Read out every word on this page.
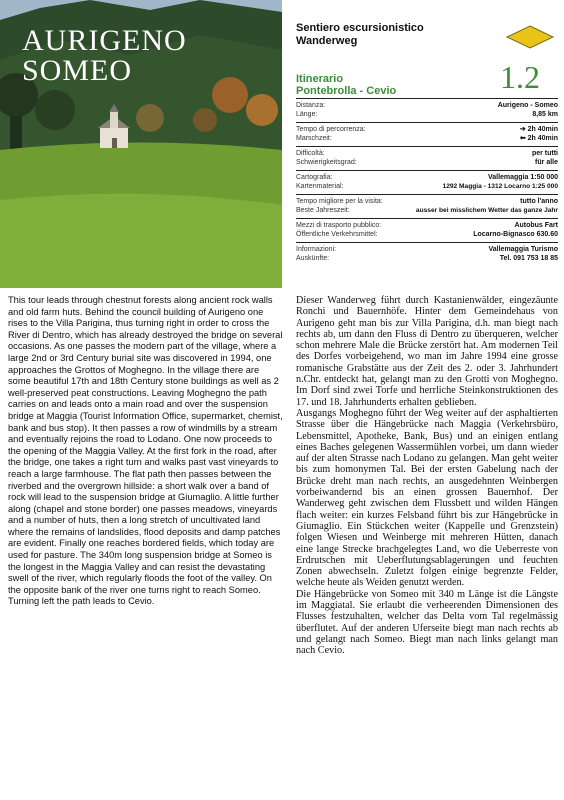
AURIGENO
SOMEO
Sentiero escursionistico
Wanderweg
Itinerario
Pontebrolla - Cevio	1.2
Distanza:	Aurigeno - Someo
Länge:	8,85 km
Tempo di percorrenza:	➔ 2h 40min
Marschzeit:	⬅ 2h 40min
Difficoltà:	per tutti
Schwierigkeitsgrad:	für alle
Cartografia:	Vallemaggia 1:50 000
Kartenmaterial:	1292 Maggia - 1312 Locarno 1:25 000
Tempo migliore per la visita:	tutto l'anno
Beste Jahreszeit:	ausser bei misslichem Wetter das ganze Jahr
Mezzi di trasporto pubblico:	Autobus Fart
Öffentliche Verkehrsmittel:	Locarno-Bignasco 630.60
Informazioni:	Vallemaggia Turismo
Auskünfte:	Tel. 091 753 18 85

This tour leads through chestnut forests along ancient rock walls and old farm huts. Behind the council building of Aurigeno one rises to the Villa Parigina, thus turning right in order to cross the River di Dentro, which has already destroyed the bridge on several occasions. As one passes the modern part of the village, where a large 2nd or 3rd Century burial site was discovered in 1994, one approaches the Grottos of Moghegno. In the village there are some beautiful 17th and 18th Century stone buildings as well as 2 well-preserved peat constructions. Leaving Moghegno the path carries on and leads onto a main road and over the suspension bridge at Maggia (Tourist Information Office, supermarket, chemist, bank and bus stop). It then passes a row of windmills by a stream and eventually rejoins the road to Lodano. One now proceeds to the opening of the Maggia Valley. At the first fork in the road, after the bridge, one takes a right turn and walks past vast vineyards to reach a large farmhouse. The flat path then passes between the riverbed and the overgrown hillside: a short walk over a band of rock will lead to the suspension bridge at Giumaglio. A little further along (chapel and stone border) one passes meadows, vineyards and a number of huts, then a long stretch of uncultivated land where the remains of landslides, flood deposits and damp patches are evident. Finally one reaches bordered fields, which today are used for pasture. The 340m long suspension bridge at Someo is the longest in the Maggia Valley and can resist the devastating swell of the river, which regularly floods the foot of the valley. On the opposite bank of the river one turns right to reach Someo. Turning left the path leads to Cevio.

Dieser Wanderweg führt durch Kastanienwälder, eingezäunte Ronchi und Bauernhöfe. Hinter dem Gemeindehaus von Aurigeno geht man bis zur Villa Parigina, d.h. man biegt nach rechts ab, um dann den Fluss di Dentro zu überqueren, welcher schon mehrere Male die Brücke zerstört hat. Am modernen Teil des Dorfes vorbeigehend, wo man im Jahre 1994 eine grosse romanische Grabstätte aus der Zeit des 2. oder 3. Jahrhundert n.Chr. entdeckt hat, gelangt man zu den Grotti von Moghegno. Im Dorf sind zwei Torfe und herrliche Steinkonstruktionen des 17. und 18. Jahrhunderts erhalten geblieben.

Ausgangs Moghegno führt der Weg weiter auf der asphaltierten Strasse über die Hängebrücke nach Maggia (Verkehrsbüro, Lebensmittel, Apotheke, Bank, Bus) und an einigen entlang eines Baches gelegenen Wassermühlen vorbei, um dann wieder auf der alten Strasse nach Lodano zu gelangen. Man geht weiter bis zum homonymen Tal. Bei der ersten Gabelung nach der Brücke dreht man nach rechts, an ausgedehnten Weinbergen vorbeiwandernd bis an einen grossen Bauernhof. Der Wanderweg geht zwischen dem Flussbett und wilden Hängen flach weiter: ein kurzes Felsband führt bis zur Hängebrücke in Giumaglio. Ein Stückchen weiter (Kappelle und Grenzstein) folgen Wiesen und Weinberge mit mehreren Hütten, danach eine lange Strecke brachgelegtes Land, wo die Ueberreste von Erdrutschen mit Ueberflutungsablagerungen und feuchten Zonen abwechseln. Zuletzt folgen einige begrenzte Felder, welche heute als Weiden genutzt werden.

Die Hängebrücke von Someo mit 340 m Länge ist die Längste im Maggiatal. Sie erlaubt die verheerenden Dimensionen des Flusses festzuhalten, welcher das Delta vom Tal regelmässig überflutet. Auf der anderen Uferseite biegt man nach rechts ab und gelangt nach Someo. Biegt man nach links gelangt man nach Cevio.
